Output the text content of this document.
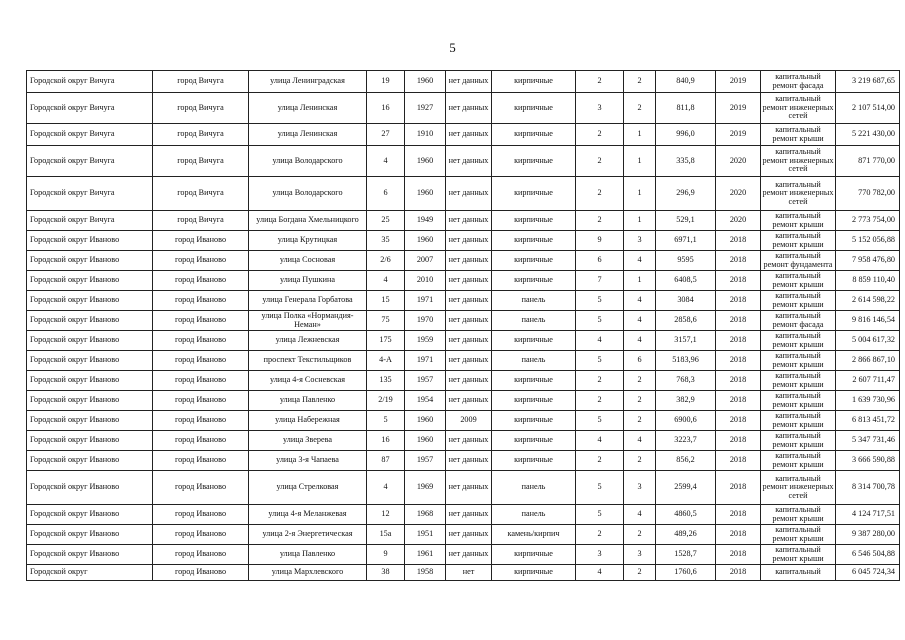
5
Городской округ Вичуга	город Вичуга	улица Ленинградская	19	1960	нет данных	кирпичные	2	2	840,9	2019	капитальный ремонт фасада	3 219 687,65
Городской округ Вичуга	город Вичуга	улица Ленинская	16	1927	нет данных	кирпичные	3	2	811,8	2019	капитальный ремонт инженерных сетей	2 107 514,00
Городской округ Вичуга	город Вичуга	улица Ленинская	27	1910	нет данных	кирпичные	2	1	996,0	2019	капитальный ремонт крыши	5 221 430,00
Городской округ Вичуга	город Вичуга	улица Володарского	4	1960	нет данных	кирпичные	2	1	335,8	2020	капитальный ремонт инженерных сетей	871 770,00
Городской округ Вичуга	город Вичуга	улица Володарского	6	1960	нет данных	кирпичные	2	1	296,9	2020	капитальный ремонт инженерных сетей	770 782,00
Городской округ Вичуга	город Вичуга	улица Богдана Хмельницкого	25	1949	нет данных	кирпичные	2	1	529,1	2020	капитальный ремонт крыши	2 773 754,00
Городской округ Иваново	город Иваново	улица Крутицкая	35	1960	нет данных	кирпичные	9	3	6971,1	2018	капитальный ремонт крыши	5 152 056,88
Городской округ Иваново	город Иваново	улица Сосновая	2/6	2007	нет данных	кирпичные	6	4	9595	2018	капитальный ремонт фундамента	7 958 476,80
Городской округ Иваново	город Иваново	улица Пушкина	4	2010	нет данных	кирпичные	7	1	6408,5	2018	капитальный ремонт крыши	8 859 110,40
Городской округ Иваново	город Иваново	улица Генерала Горбатова	15	1971	нет данных	панель	5	4	3084	2018	капитальный ремонт крыши	2 614 598,22
Городской округ Иваново	город Иваново	улица Полка «Нормандия-Неман»	75	1970	нет данных	панель	5	4	2858,6	2018	капитальный ремонт фасада	9 816 146,54
Городской округ Иваново	город Иваново	улица Лежневская	175	1959	нет данных	кирпичные	4	4	3157,1	2018	капитальный ремонт крыши	5 004 617,32
Городской округ Иваново	город Иваново	проспект Текстильщиков	4-А	1971	нет данных	панель	5	6	5183,96	2018	капитальный ремонт крыши	2 866 867,10
Городской округ Иваново	город Иваново	улица 4-я Сосневская	135	1957	нет данных	кирпичные	2	2	768,3	2018	капитальный ремонт крыши	2 607 711,47
Городской округ Иваново	город Иваново	улица Павленко	2/19	1954	нет данных	кирпичные	2	2	382,9	2018	капитальный ремонт крыши	1 639 730,96
Городской округ Иваново	город Иваново	улица Набережная	5	1960	2009	кирпичные	5	2	6900,6	2018	капитальный ремонт крыши	6 813 451,72
Городской округ Иваново	город Иваново	улица Зверева	16	1960	нет данных	кирпичные	4	4	3223,7	2018	капитальный ремонт крыши	5 347 731,46
Городской округ Иваново	город Иваново	улица 3-я Чапаева	87	1957	нет данных	кирпичные	2	2	856,2	2018	капитальный ремонт крыши	3 666 590,88
Городской округ Иваново	город Иваново	улица Стрелковая	4	1969	нет данных	панель	5	3	2599,4	2018	капитальный ремонт инженерных сетей	8 314 700,78
Городской округ Иваново	город Иваново	улица 4-я Меланжевая	12	1968	нет данных	панель	5	4	4860,5	2018	капитальный ремонт крыши	4 124 717,51
Городской округ Иваново	город Иваново	улица 2-я Энергетическая	15а	1951	нет данных	камень/кирпич	2	2	489,26	2018	капитальный ремонт крыши	9 387 280,00
Городской округ Иваново	город Иваново	улица Павленко	9	1961	нет данных	кирпичные	3	3	1528,7	2018	капитальный ремонт крыши	6 546 504,88
Городской округ	город Иваново	улица Мархлевского	38	1958	нет	кирпичные	4	2	1760,6	2018	капитальный	6 045 724,34
